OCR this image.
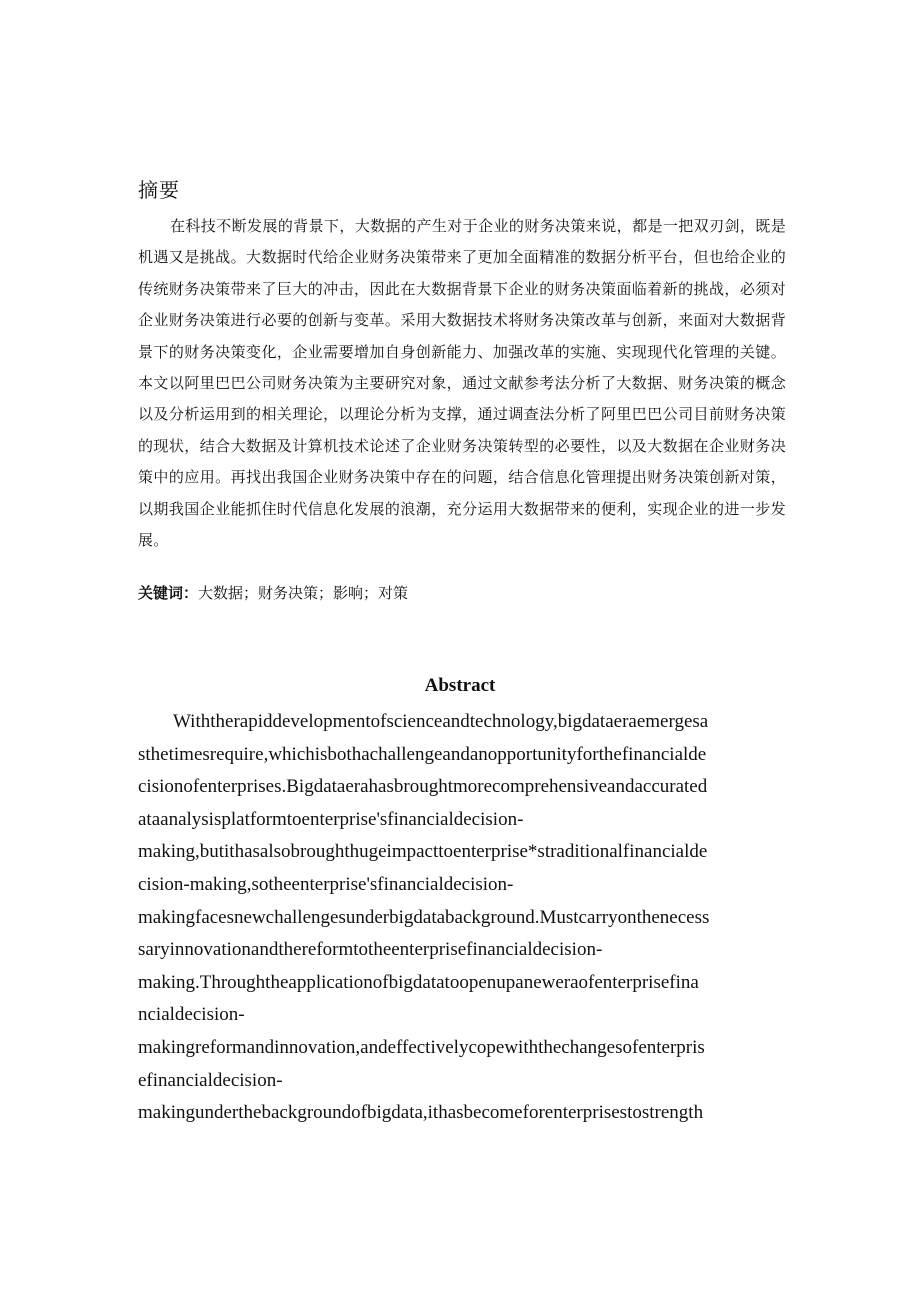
摘要

在科技不断发展的背景下，大数据的产生对于企业的财务决策来说，都是一把双刃剑，既是机遇又是挑战。大数据时代给企业财务决策带来了更加全面精准的数据分析平台，但也给企业的传统财务决策带来了巨大的冲击，因此在大数据背景下企业的财务决策面临着新的挑战，必须对企业财务决策进行必要的创新与变革。采用大数据技术将财务决策改革与创新，来面对大数据背景下的财务决策变化，企业需要增加自身创新能力、加强改革的实施、实现现代化管理的关键。本文以阿里巴巴公司财务决策为主要研究对象，通过文献参考法分析了大数据、财务决策的概念以及分析运用到的相关理论，以理论分析为支撑，通过调查法分析了阿里巴巴公司目前财务决策的现状，结合大数据及计算机技术论述了企业财务决策转型的必要性，以及大数据在企业财务决策中的应用。再找出我国企业财务决策中存在的问题，结合信息化管理提出财务决策创新对策，以期我国企业能抓住时代信息化发展的浪潮，充分运用大数据带来的便利，实现企业的进一步发展。

关键词：大数据；财务决策；影响；对策

Abstract
Withtherapiddevelopmentofscienceandtechnology,bigdataeraemergesa
sthetimesrequire,whichisbothachallengeandanopportunityforthefinancialde
cisionofenterprises.Bigdataerahasbroughtmorecomprehensiveandaccurated
ataanalysisplatformtoenterprise'sfinancialdecision-
making,butithasalsobroughthugeimpacttoenterprise*straditionalfinancialde
cision-making,sotheenterprise'sfinancialdecision-
makingfacesnewchallengesunderbigdatabackground.Mustcarryonthenecess
saryinnovationandthereformtotheenterprisefinancialdecision-
making.Throughtheapplicationofbigdatatoopenupaneweraofenterprisefina
ncialdecision-
makingreformandinnovation,andeffectivelycopewiththechangesofenterpris
efinancialdecision-
makingunderthebackgroundofbigdata,ithasbecomeforenterprisestostrength
